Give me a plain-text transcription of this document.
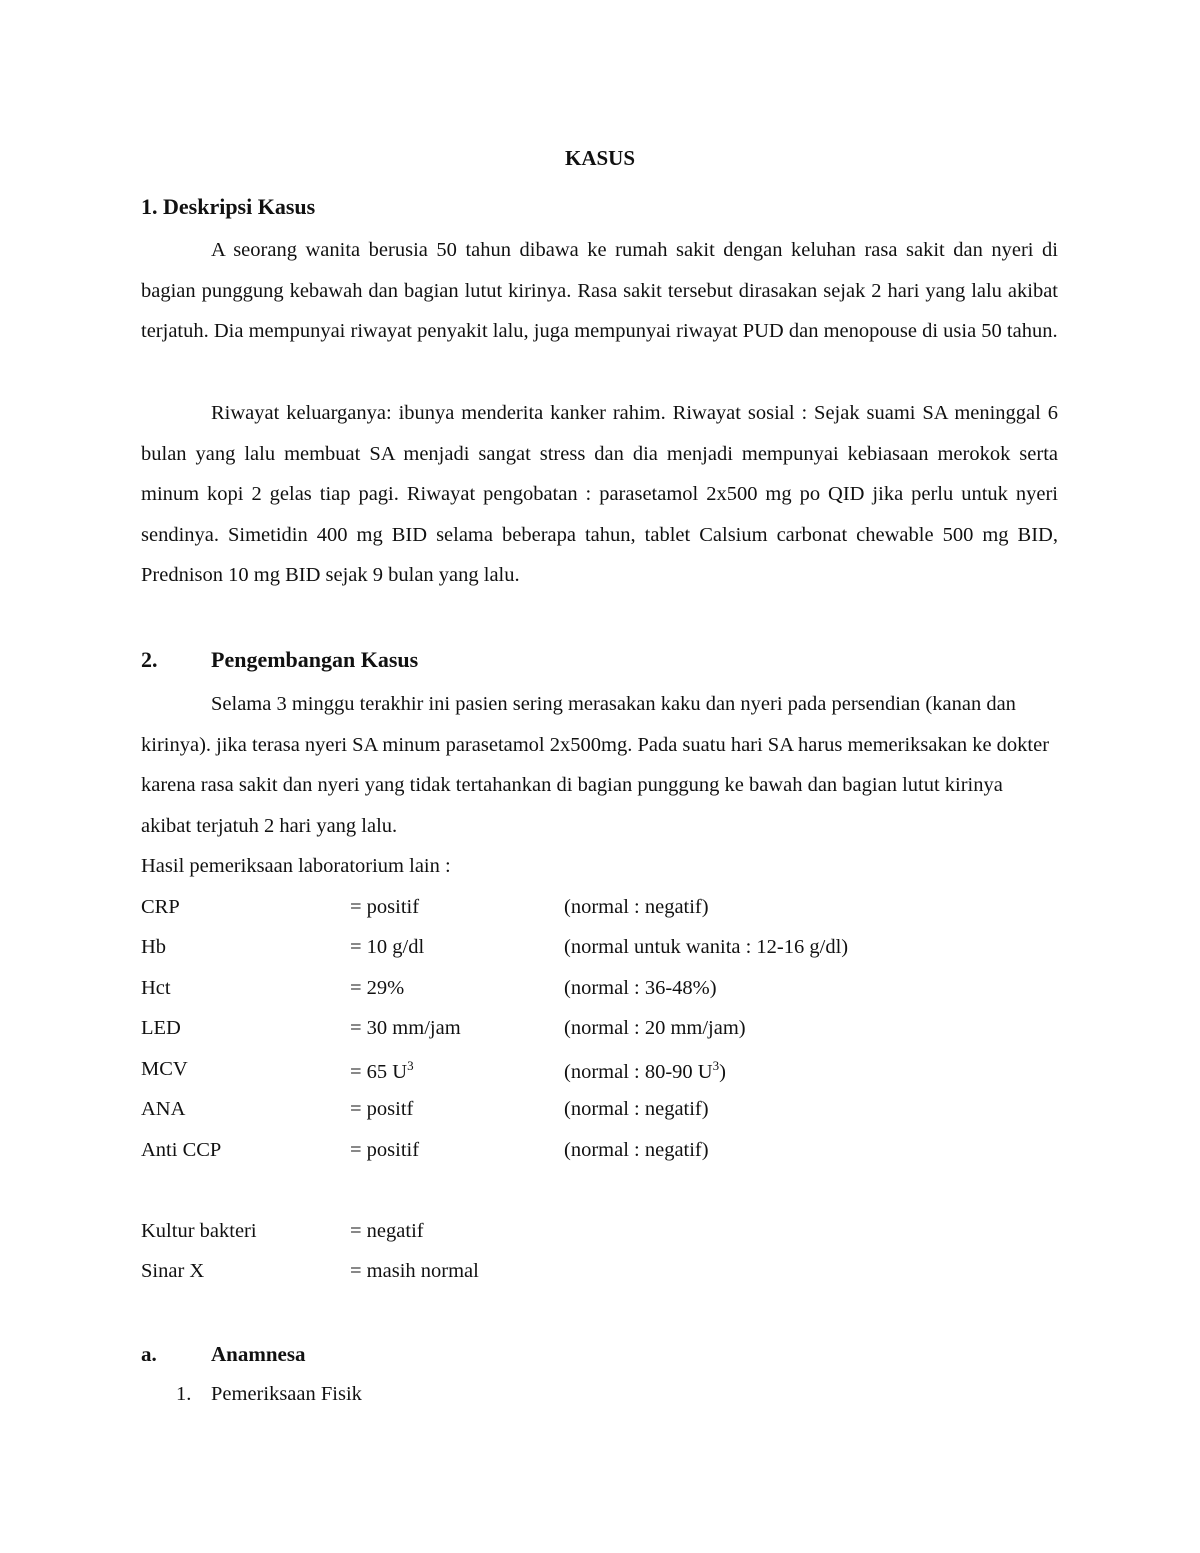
KASUS
1. Deskripsi Kasus
A seorang wanita berusia 50 tahun dibawa ke rumah sakit dengan keluhan rasa sakit dan nyeri di bagian punggung kebawah dan bagian lutut kirinya. Rasa sakit tersebut dirasakan sejak 2 hari yang lalu akibat terjatuh. Dia mempunyai riwayat penyakit lalu, juga mempunyai riwayat PUD dan menopouse di usia 50 tahun.
Riwayat keluarganya: ibunya menderita kanker rahim. Riwayat sosial : Sejak suami SA meninggal 6 bulan yang lalu membuat SA menjadi sangat stress dan dia menjadi mempunyai kebiasaan merokok serta minum kopi 2 gelas tiap pagi. Riwayat pengobatan : parasetamol 2x500 mg po QID jika perlu untuk nyeri sendinya. Simetidin 400 mg BID selama beberapa tahun, tablet Calsium carbonat chewable 500 mg BID, Prednison 10 mg BID sejak 9 bulan yang lalu.
2. Pengembangan Kasus
Selama 3 minggu terakhir ini pasien sering merasakan kaku dan nyeri pada persendian (kanan dan kirinya). jika terasa nyeri SA minum parasetamol 2x500mg. Pada suatu hari SA harus memeriksakan ke dokter karena rasa sakit dan nyeri yang tidak tertahankan di bagian punggung ke bawah dan bagian lutut kirinya akibat terjatuh 2 hari yang lalu.
Hasil pemeriksaan laboratorium lain :
CRP	= positif	(normal : negatif)
Hb	= 10 g/dl	(normal untuk wanita : 12-16 g/dl)
Hct	= 29%	(normal : 36-48%)
LED	= 30 mm/jam	(normal : 20 mm/jam)
MCV	= 65 $U^3$	(normal : 80-90 $U^3$)
ANA	= positf	(normal : negatif)
Anti CCP	= positif	(normal : negatif)
Kultur bakteri	= negatif
Sinar X	= masih normal
a.	Anamnesa
1. Pemeriksaan Fisik
